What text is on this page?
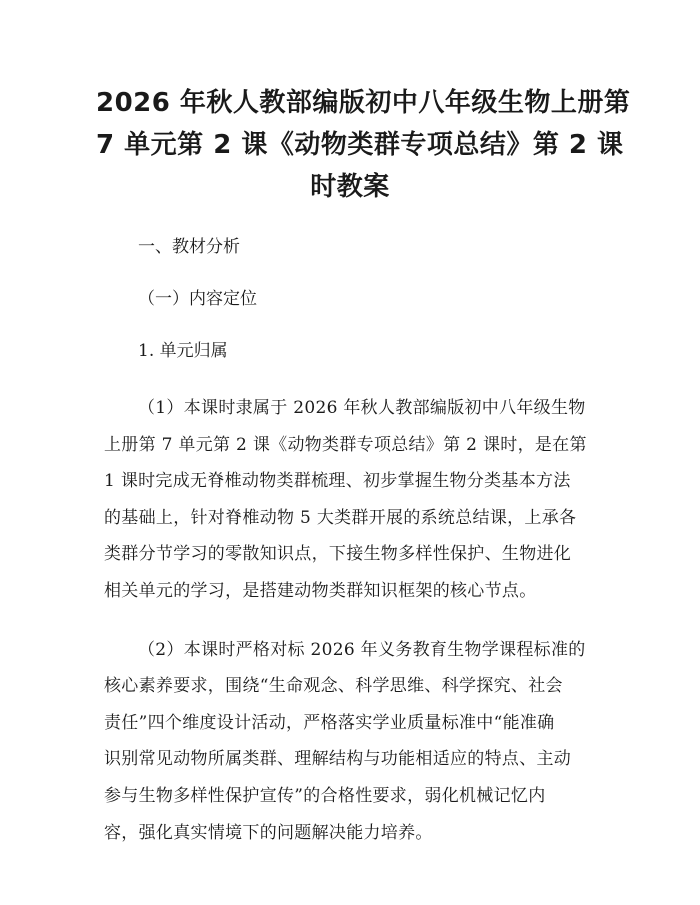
2026 年秋人教部编版初中八年级生物上册第
7 单元第 2 课《动物类群专项总结》第 2 课
时教案

一、教材分析

（一）内容定位

1. 单元归属

（1）本课时隶属于 2026 年秋人教部编版初中八年级生物
上册第 7 单元第 2 课《动物类群专项总结》第 2 课时，是在第
1 课时完成无脊椎动物类群梳理、初步掌握生物分类基本方法
的基础上，针对脊椎动物 5 大类群开展的系统总结课，上承各
类群分节学习的零散知识点，下接生物多样性保护、生物进化
相关单元的学习，是搭建动物类群知识框架的核心节点。

（2）本课时严格对标 2026 年义务教育生物学课程标准的
核心素养要求，围绕“生命观念、科学思维、科学探究、社会
责任”四个维度设计活动，严格落实学业质量标准中“能准确
识别常见动物所属类群、理解结构与功能相适应的特点、主动
参与生物多样性保护宣传”的合格性要求，弱化机械记忆内
容，强化真实情境下的问题解决能力培养。
